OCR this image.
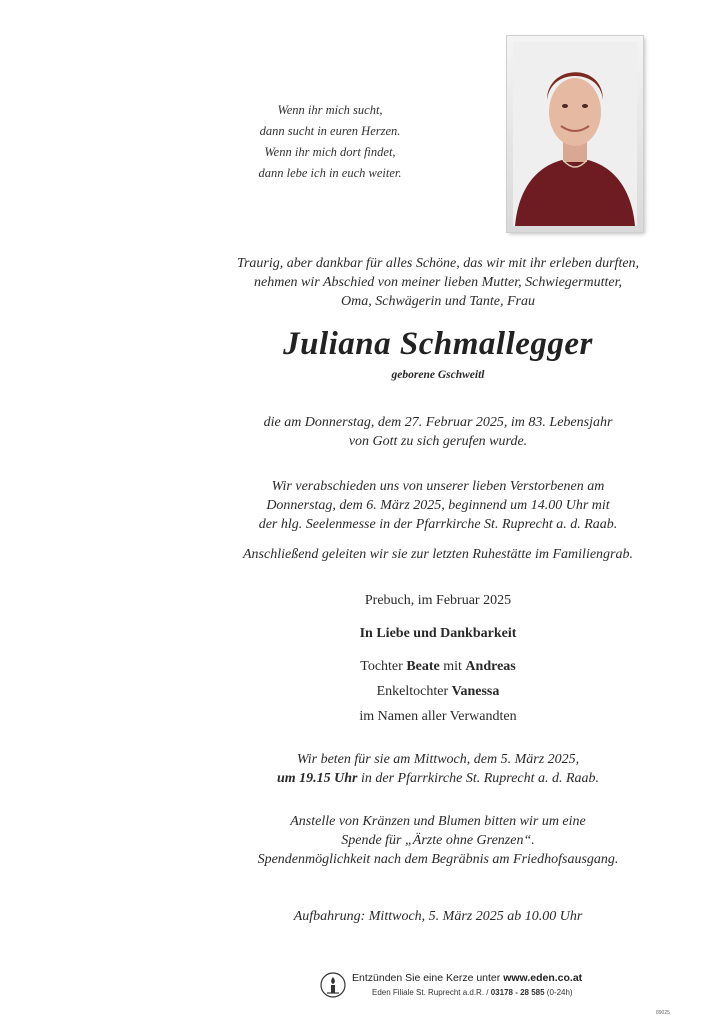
Wenn ihr mich sucht,
dann sucht in euren Herzen.
Wenn ihr mich dort findet,
dann lebe ich in euch weiter.
Traurig, aber dankbar für alles Schöne, das wir mit ihr erleben durften,
nehmen wir Abschied von meiner lieben Mutter, Schwiegermutter,
Oma, Schwägerin und Tante, Frau
Juliana Schmallegger
geborene Gschweitl
die am Donnerstag, dem 27. Februar 2025, im 83. Lebensjahr
von Gott zu sich gerufen wurde.
Wir verabschieden uns von unserer lieben Verstorbenen am
Donnerstag, dem 6. März 2025, beginnend um 14.00 Uhr mit
der hlg. Seelenmesse in der Pfarrkirche St. Ruprecht a. d. Raab.
Anschließend geleiten wir sie zur letzten Ruhestätte im Familiengrab.
Prebuch, im Februar 2025
In Liebe und Dankbarkeit
Tochter Beate mit Andreas
Enkeltochter Vanessa
im Namen aller Verwandten
Wir beten für sie am Mittwoch, dem 5. März 2025,
um 19.15 Uhr in der Pfarrkirche St. Ruprecht a. d. Raab.
Anstelle von Kränzen und Blumen bitten wir um eine
Spende für „Ärzte ohne Grenzen“.
Spendenmöglichkeit nach dem Begräbnis am Friedhofsausgang.
Aufbahrung: Mittwoch, 5. März 2025 ab 10.00 Uhr
Entzünden Sie eine Kerze unter www.eden.co.at
Eden Filiale St. Ruprecht a.d.R. / 03178 - 28 585 (0-24h)
89025
